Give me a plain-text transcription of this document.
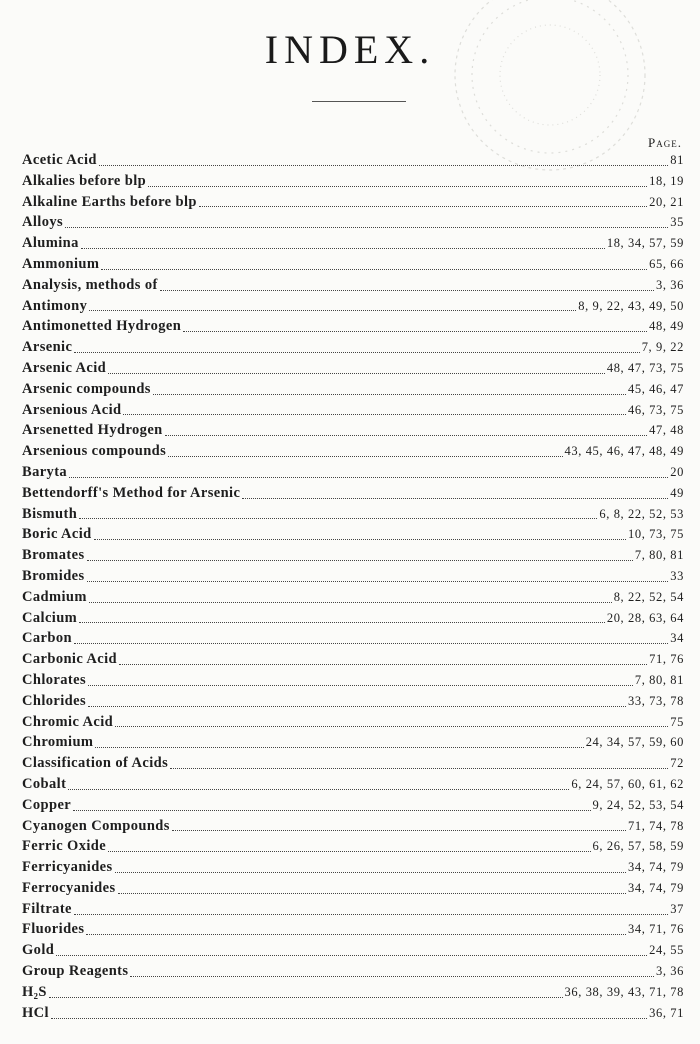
INDEX.
Page.
Acetic Acid	81
Alkalies before blp	18, 19
Alkaline Earths before blp	20, 21
Alloys	35
Alumina	18, 34, 57, 59
Ammonium	65, 66
Analysis, methods of	3, 36
Antimony	8, 9, 22, 43, 49, 50
Antimonetted Hydrogen	48, 49
Arsenic	7, 9, 22
Arsenic Acid	48, 47, 73, 75
Arsenic compounds	45, 46, 47
Arsenious Acid	46, 73, 75
Arsenetted Hydrogen	47, 48
Arsenious compounds	43, 45, 46, 47, 48, 49
Baryta	20
Bettendorff's Method for Arsenic	49
Bismuth	6, 8, 22, 52, 53
Boric Acid	10, 73, 75
Bromates	7, 80, 81
Bromides	33
Cadmium	8, 22, 52, 54
Calcium	20, 28, 63, 64
Carbon	34
Carbonic Acid	71, 76
Chlorates	7, 80, 81
Chlorides	33, 73, 78
Chromic Acid	75
Chromium	24, 34, 57, 59, 60
Classification of Acids	72
Cobalt	6, 24, 57, 60, 61, 62
Copper	9, 24, 52, 53, 54
Cyanogen Compounds	71, 74, 78
Ferric Oxide	6, 26, 57, 58, 59
Ferricyanides	34, 74, 79
Ferrocyanides	34, 74, 79
Filtrate	37
Fluorides	34, 71, 76
Gold	24, 55
Group Reagents	3, 36
H₂S	36, 38, 39, 43, 71, 78
HCl	36, 71
